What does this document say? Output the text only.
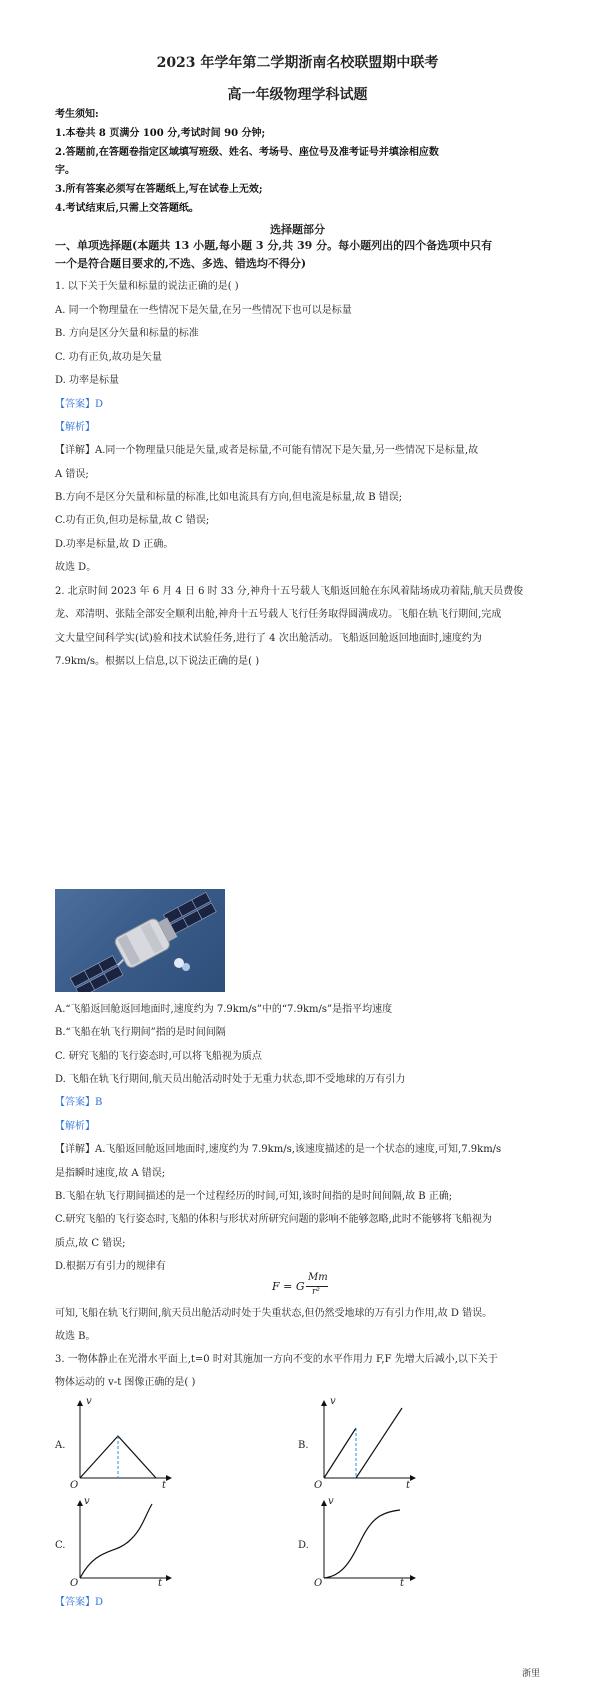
2023 年学年第二学期浙南名校联盟期中联考
高一年级物理学科试题
考生须知:
1.本卷共 8 页满分 100 分,考试时间 90 分钟;
2.答题前,在答题卷指定区域填写班级、姓名、考场号、座位号及准考证号并填涂相应数
字。
3.所有答案必须写在答题纸上,写在试卷上无效;
4.考试结束后,只需上交答题纸。
选择题部分
一、单项选择题(本题共 13 小题,每小题 3 分,共 39 分。每小题列出的四个备选项中只有
一个是符合题目要求的,不选、多选、错选均不得分)
1. 以下关于矢量和标量的说法正确的是( )
A. 同一个物理量在一些情况下是矢量,在另一些情况下也可以是标量
B. 方向是区分矢量和标量的标准
C. 功有正负,故功是矢量
D. 功率是标量
【答案】D
【解析】
【详解】A.同一个物理量只能是矢量,或者是标量,不可能有情况下是矢量,另一些情况下是标量,故
A 错误;
B.方向不是区分矢量和标量的标准,比如电流具有方向,但电流是标量,故 B 错误;
C.功有正负,但功是标量,故 C 错误;
D.功率是标量,故 D 正确。
故选 D。
2. 北京时间 2023 年 6 月 4 日 6 时 33 分,神舟十五号载人飞船返回舱在东风着陆场成功着陆,航天员费俊
龙、邓清明、张陆全部安全顺利出舱,神舟十五号载人飞行任务取得圆满成功。飞船在轨飞行期间,完成
文大量空间科学实(试)验和技术试验任务,进行了 4 次出舱活动。飞船返回舱返回地面时,速度约为
7.9km/s。根据以上信息,以下说法正确的是( )
A.“飞船返回舱返回地面时,速度约为 7.9km/s”中的“7.9km/s”是指平均速度
B.“飞船在轨飞行期间”指的是时间间隔
C. 研究飞船的飞行姿态时,可以将飞船视为质点
D. 飞船在轨飞行期间,航天员出舱活动时处于无重力状态,即不受地球的万有引力
【答案】B
【解析】
【详解】A.飞船返回舱返回地面时,速度约为 7.9km/s,该速度描述的是一个状态的速度,可知,7.9km/s
是指瞬时速度,故 A 错误;
B.飞船在轨飞行期间描述的是一个过程经历的时间,可知,该时间指的是时间间隔,故 B 正确;
C.研究飞船的飞行姿态时,飞船的体积与形状对所研究问题的影响不能够忽略,此时不能够将飞船视为
质点,故 C 错误;
D.根据万有引力的规律有
F = G
Mm
r²
可知,飞船在轨飞行期间,航天员出舱活动时处于失重状态,但仍然受地球的万有引力作用,故 D 错误。
故选 B。
3. 一物体静止在光滑水平面上,t=0 时对其施加一方向不变的水平作用力 F,F 先增大后减小,以下关于
物体运动的 v-t 图像正确的是( )
A.
v
t
O
B.
v
t
O
C.
v
t
O
D.
v
t
O
【答案】D
浙里
